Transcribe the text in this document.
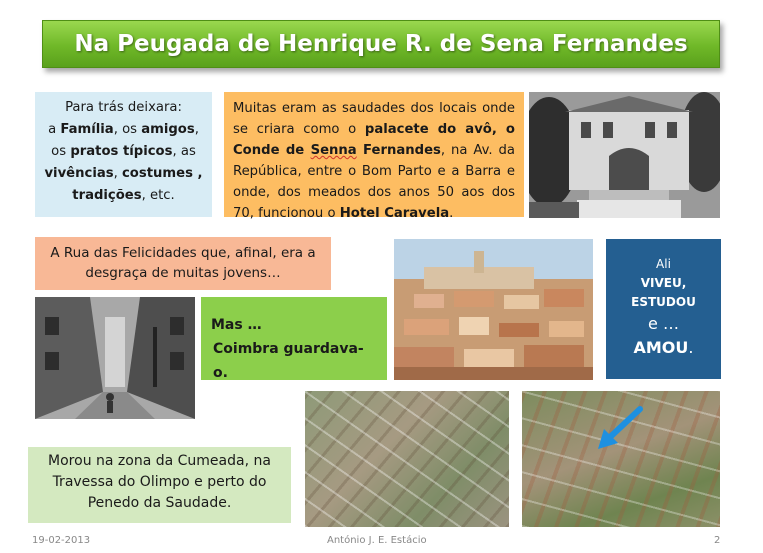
Na Peugada de Henrique R. de Sena Fernandes
Para trás deixara:
a Família, os amigos,
os pratos típicos, as
vivências, costumes ,
tradições, etc.
Muitas eram as saudades dos locais onde se criara como o palacete do avô, o Conde de Senna Fernandes, na Av. da República, entre o Bom Parto e a Barra e onde, dos meados dos anos 50 aos dos 70, funcionou o Hotel Caravela.
A Rua das Felicidades que, afinal, era a desgraça de muitas jovens…
Mas …
Coimbra guardava-o.
Ali
VIVEU,
ESTUDOU
e …
AMOU.
Morou na zona da Cumeada, na Travessa do Olimpo e perto do Penedo da Saudade.
19-02-2013	António J. E. Estácio	2
